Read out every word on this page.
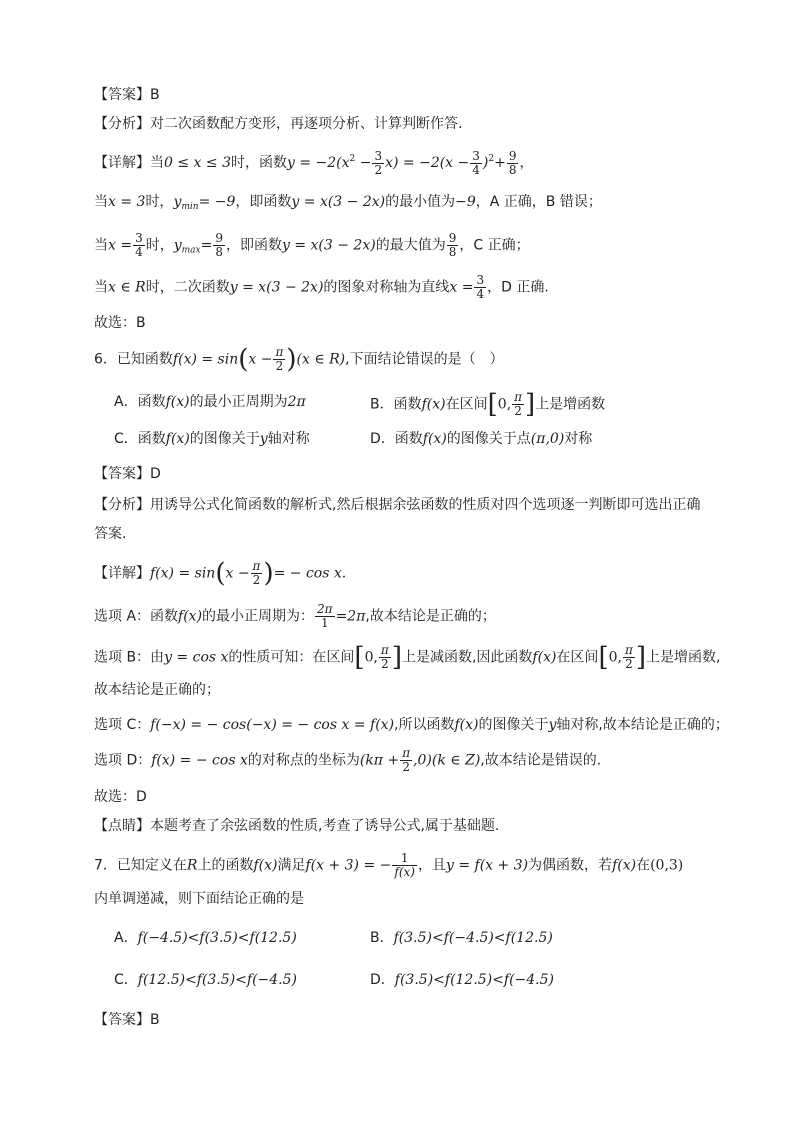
【答案】B
【分析】对二次函数配方变形，再逐项分析、计算判断作答.
【详解】当0 ≤ x ≤ 3时，函数$y = -2(x^2 - \frac{3}{2} x) = -2(x - \frac{3}{4} )^2+ \frac{9}{8}$ ，
当x = 3时，$y_{min}= -9$，即函数y = x(3 − 2x)的最小值为−9，A 正确，B 错误；
当$x = \frac{3}{4}$ 时，$y_{max}= \frac{9}{8}$ ，即函数y = x(3 − 2x)的最大值为 $\frac{9}{8}$ ，C 正确；
当x ∈ R时，二次函数y = x(3 − 2x)的图象对称轴为直线$x = \frac{3}{4}$ ，D 正确.
故选：B
6．已知函数$f(x) = \sin(x - \frac{\pi}{2} )(x$ ∈ R),下面结论错误的是（　）
A．函数f(x)的最小正周期为2π	B．函数f(x)在区间[0, $\frac{\pi}{2}$ ]上是增函数
C．函数f(x)的图像关于y轴对称	D．函数f(x)的图像关于点(π,0)对称
【答案】D
【分析】用诱导公式化简函数的解析式,然后根据余弦函数的性质对四个选项逐一判断即可选出正确
答案.
【详解】$f(x) = \sin(x - \frac{\pi}{2}$ )= − cos x.
选项 A：函数f(x)的最小正周期为： $\frac{2\pi}{1} =2\pi$,故本结论是正确的；
选项 B：由y = cos x的性质可知：在区间[0, $\frac{\pi}{2}$ ]上是减函数,因此函数f(x)在区间[0, $\frac{\pi}{2}$ ]上是增函数,
故本结论是正确的；
选项 C：f(−x) = − cos(−x) = − cos x = f(x),所以函数f(x)的图像关于y轴对称,故本结论是正确的；
选项 D：f(x) = − cos x的对称点的坐标为$(k\pi + \frac{\pi}{2} ,0)(k$ ∈ Z),故本结论是错误的.
故选：D
【点睛】本题考查了余弦函数的性质,考查了诱导公式,属于基础题.
7．已知定义在R上的函数f(x)满足f(x + 3) = − $\frac{1}{f(x)}$ ，且y = f(x + 3)为偶函数，若f(x)在(0,3)
内单调递减，则下面结论正确的是
A．f(−4.5)<f(3.5)<f(12.5)	B．f(3.5)<f(−4.5)<f(12.5)
C．f(12.5)<f(3.5)<f(−4.5)	D．f(3.5)<f(12.5)<f(−4.5)
【答案】B
